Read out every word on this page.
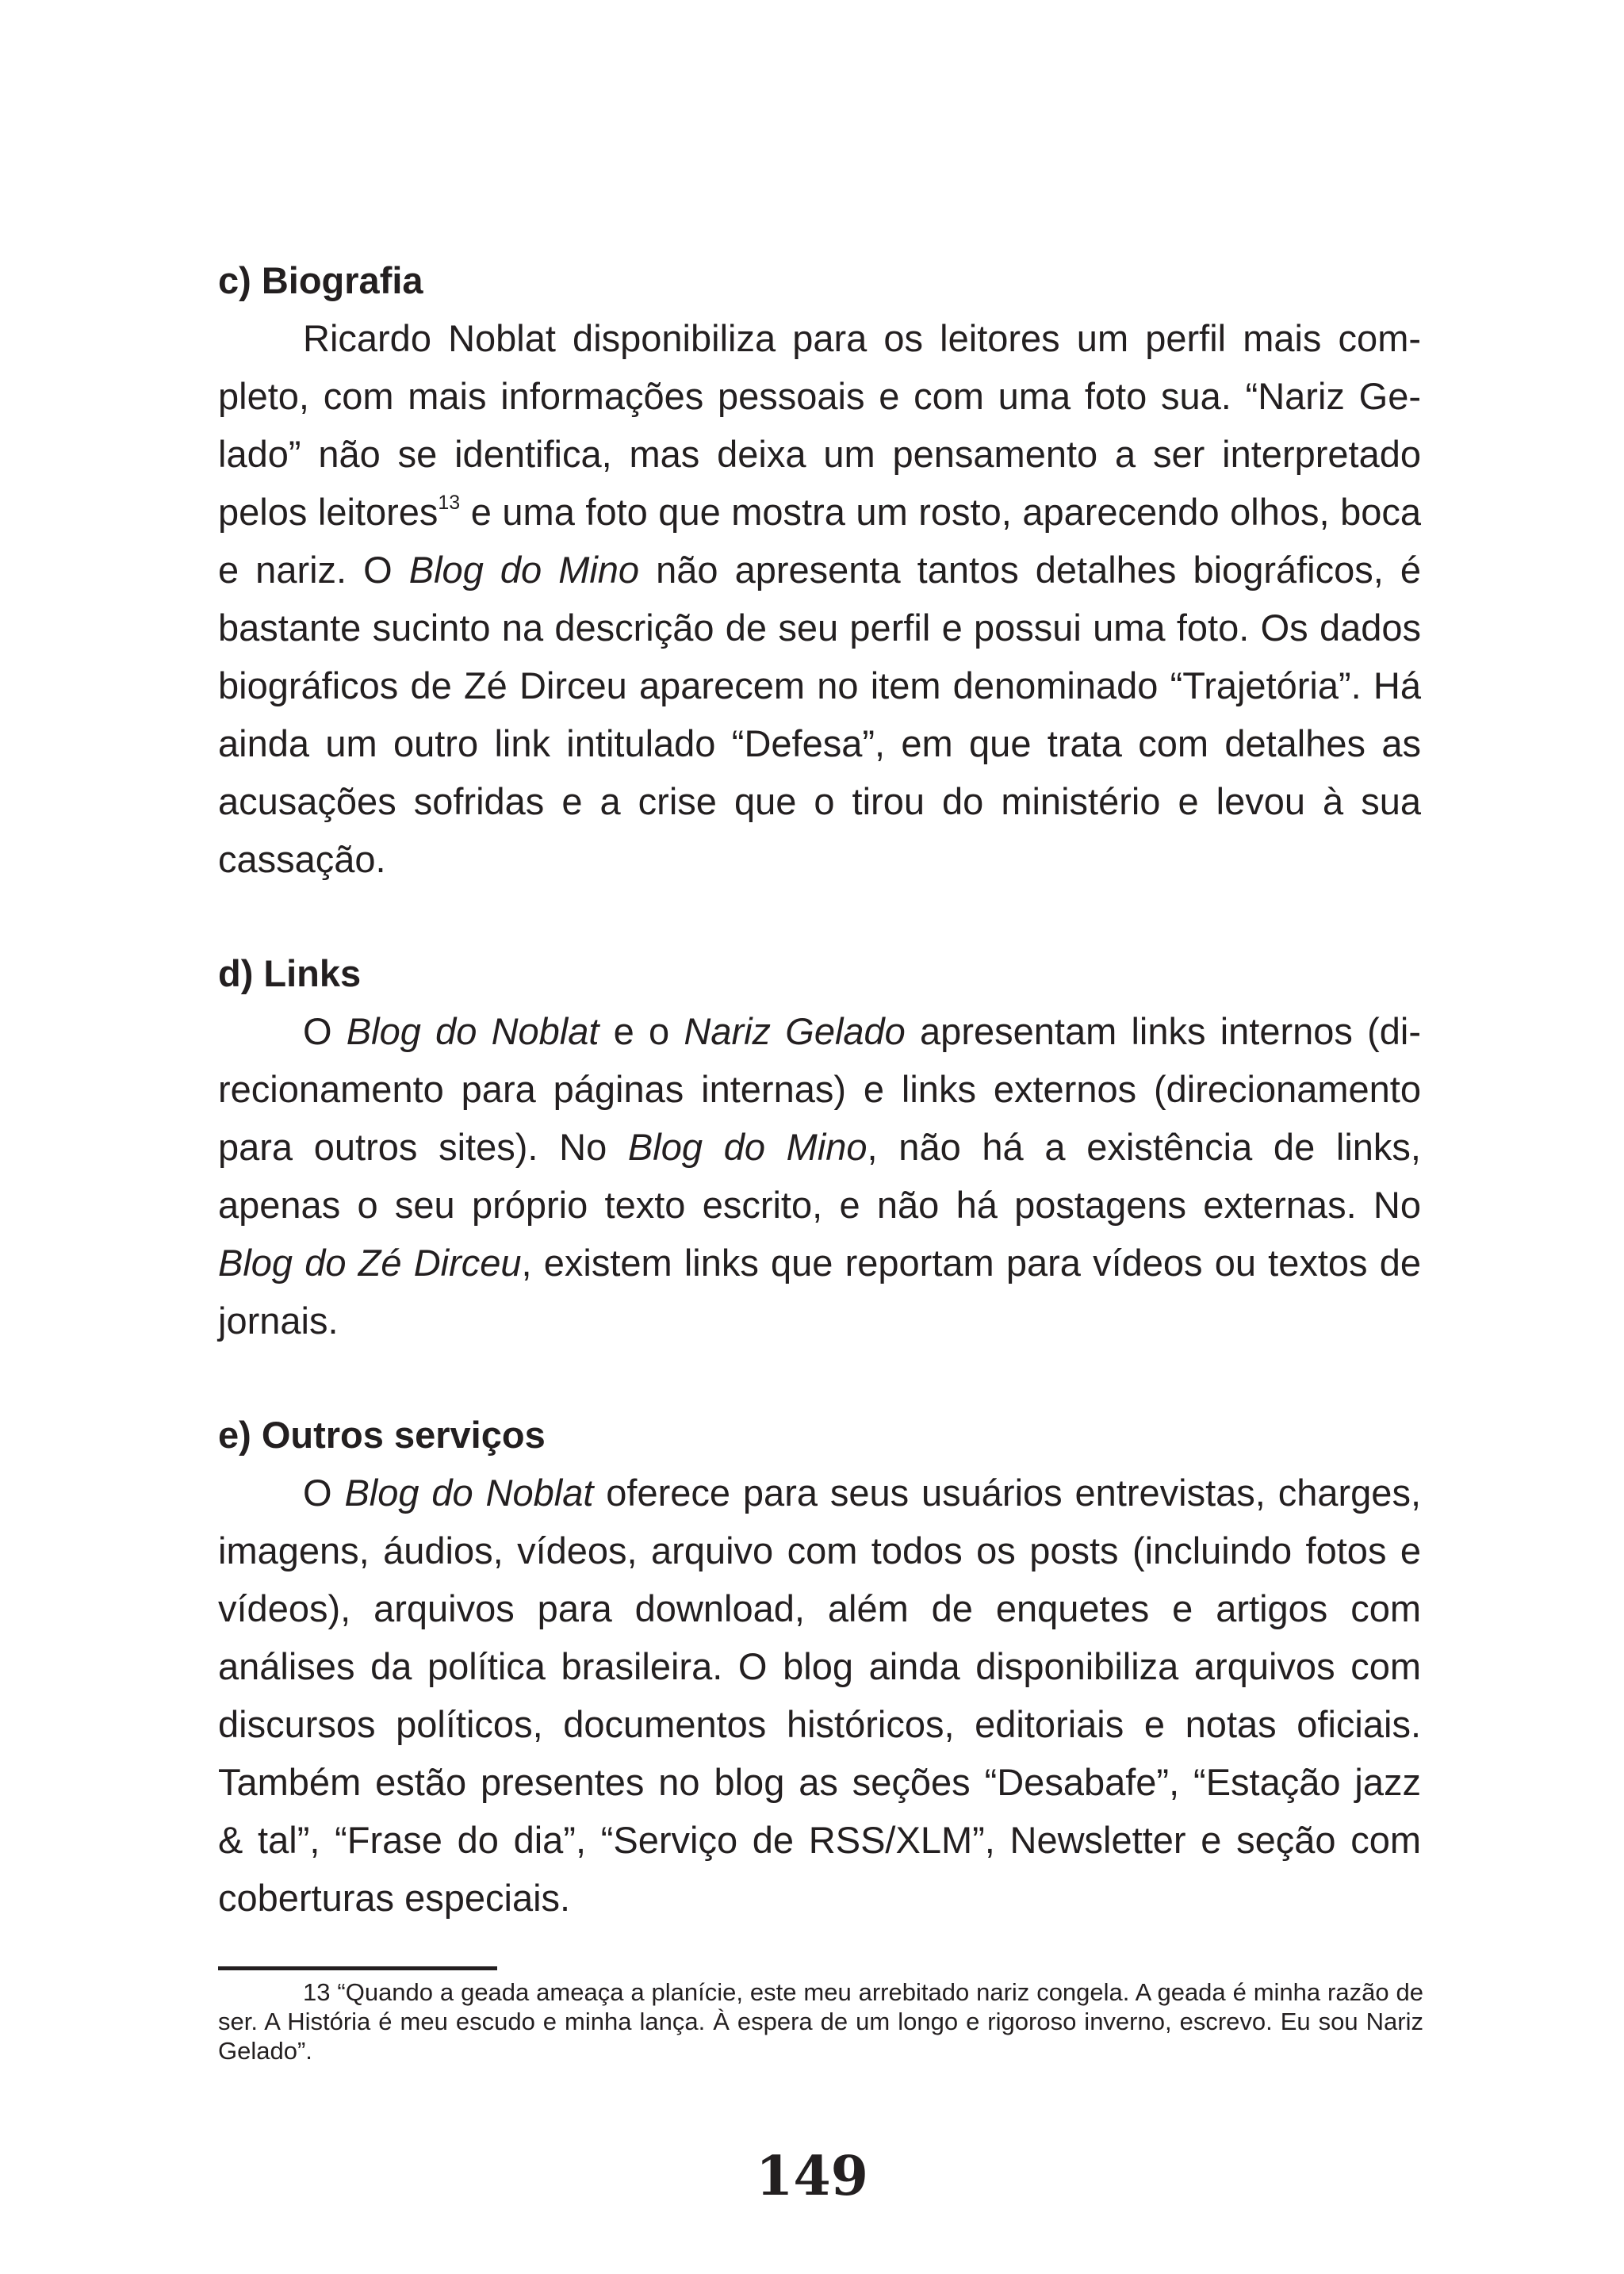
c) Biografia

Ricardo Noblat disponibiliza para os leitores um perfil mais com-pleto, com mais informações pessoais e com uma foto sua. “Nariz Ge-lado” não se identifica, mas deixa um pensamento a ser interpretado pelos leitores$^{13}$ e uma foto que mostra um rosto, aparecendo olhos, boca e nariz. O Blog do Mino não apresenta tantos detalhes biográficos, é bastante sucinto na descrição de seu perfil e possui uma foto. Os dados biográficos de Zé Dirceu aparecem no item denominado “Trajetória”. Há ainda um outro link intitulado “Defesa”, em que trata com detalhes as acusações sofridas e a crise que o tirou do ministério e levou à sua cassação.

d) Links

O Blog do Noblat e o Nariz Gelado apresentam links internos (di-recionamento para páginas internas) e links externos (direcionamento para outros sites). No Blog do Mino, não há a existência de links, apenas o seu próprio texto escrito, e não há postagens externas. No Blog do Zé Dirceu, existem links que reportam para vídeos ou textos de jornais.

e) Outros serviços

O Blog do Noblat oferece para seus usuários entrevistas, charges, imagens, áudios, vídeos, arquivo com todos os posts (incluindo fotos e vídeos), arquivos para download, além de enquetes e artigos com análises da política brasileira. O blog ainda disponibiliza arquivos com discursos políticos, documentos históricos, editoriais e notas oficiais. Também estão presentes no blog as seções “Desabafe”, “Estação jazz & tal”, “Frase do dia”, “Serviço de RSS/XLM”, Newsletter e seção com coberturas especiais.

13 “Quando a geada ameaça a planície, este meu arrebitado nariz congela. A geada é minha razão de ser. A História é meu escudo e minha lança. À espera de um longo e rigoroso inverno, escrevo. Eu sou Nariz Gelado”.

149
